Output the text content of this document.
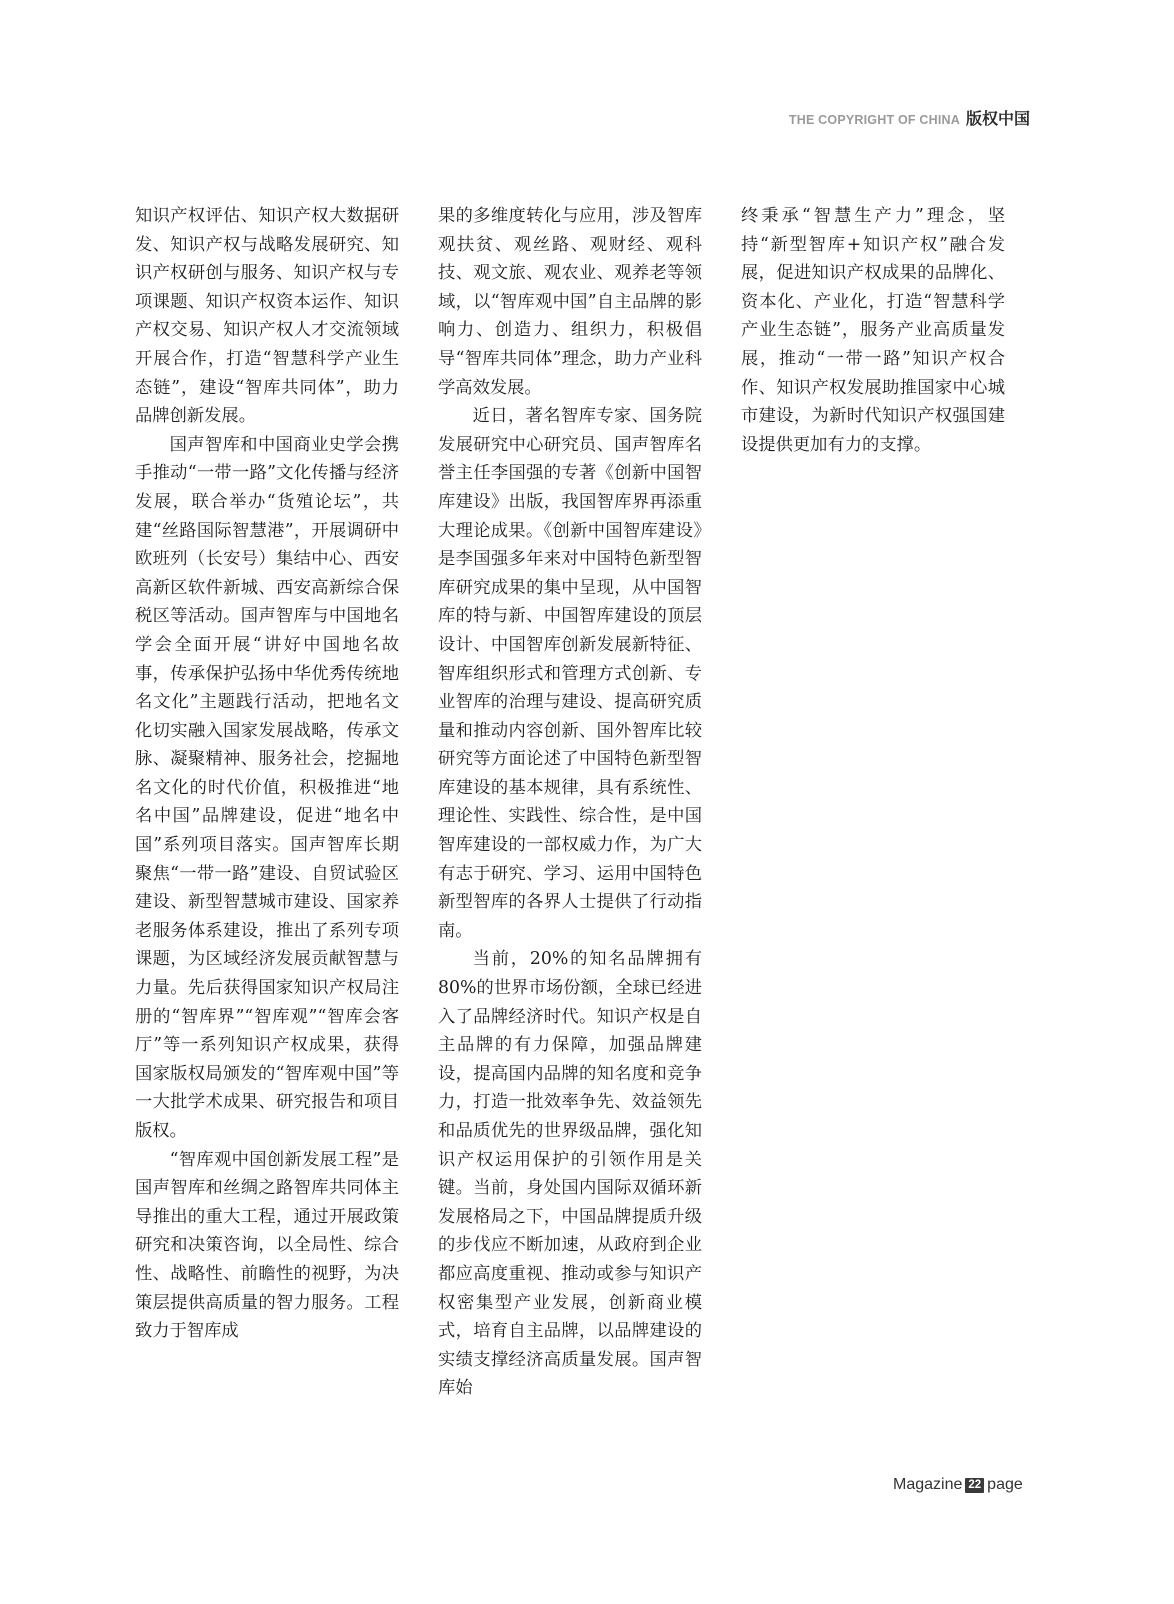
THE COPYRIGHT OF CHINA 版权中国

知识产权评估、知识产权大数据研发、知识产权与战略发展研究、知识产权研创与服务、知识产权与专项课题、知识产权资本运作、知识产权交易、知识产权人才交流领域开展合作，打造“智慧科学产业生态链”，建设“智库共同体”，助力品牌创新发展。

国声智库和中国商业史学会携手推动“一带一路”文化传播与经济发展，联合举办“货殖论坛”，共建“丝路国际智慧港”，开展调研中欧班列（长安号）集结中心、西安高新区软件新城、西安高新综合保税区等活动。国声智库与中国地名学会全面开展“讲好中国地名故事，传承保护弘扬中华优秀传统地名文化”主题践行活动，把地名文化切实融入国家发展战略，传承文脉、凝聚精神、服务社会，挖掘地名文化的时代价值，积极推进“地名中国”品牌建设，促进“地名中国”系列项目落实。国声智库长期聚焦“一带一路”建设、自贸试验区建设、新型智慧城市建设、国家养老服务体系建设，推出了系列专项课题，为区域经济发展贡献智慧与力量。先后获得国家知识产权局注册的“智库界”“智库观”“智库会客厅”等一系列知识产权成果，获得国家版权局颁发的“智库观中国”等一大批学术成果、研究报告和项目版权。

“智库观中国创新发展工程”是国声智库和丝绸之路智库共同体主导推出的重大工程，通过开展政策研究和决策咨询，以全局性、综合性、战略性、前瞻性的视野，为决策层提供高质量的智力服务。工程致力于智库成

果的多维度转化与应用，涉及智库观扶贫、观丝路、观财经、观科技、观文旅、观农业、观养老等领域，以“智库观中国”自主品牌的影响力、创造力、组织力，积极倡导“智库共同体”理念，助力产业科学高效发展。

近日，著名智库专家、国务院发展研究中心研究员、国声智库名誉主任李国强的专著《创新中国智库建设》出版，我国智库界再添重大理论成果。《创新中国智库建设》是李国强多年来对中国特色新型智库研究成果的集中呈现，从中国智库的特与新、中国智库建设的顶层设计、中国智库创新发展新特征、智库组织形式和管理方式创新、专业智库的治理与建设、提高研究质量和推动内容创新、国外智库比较研究等方面论述了中国特色新型智库建设的基本规律，具有系统性、理论性、实践性、综合性，是中国智库建设的一部权威力作，为广大有志于研究、学习、运用中国特色新型智库的各界人士提供了行动指南。

当前，20%的知名品牌拥有80%的世界市场份额，全球已经进入了品牌经济时代。知识产权是自主品牌的有力保障，加强品牌建设，提高国内品牌的知名度和竞争力，打造一批效率争先、效益领先和品质优先的世界级品牌，强化知识产权运用保护的引领作用是关键。当前，身处国内国际双循环新发展格局之下，中国品牌提质升级的步伐应不断加速，从政府到企业都应高度重视、推动或参与知识产权密集型产业发展，创新商业模式，培育自主品牌，以品牌建设的实绩支撑经济高质量发展。国声智库始

终秉承“智慧生产力”理念，坚持“新型智库+知识产权”融合发展，促进知识产权成果的品牌化、资本化、产业化，打造“智慧科学产业生态链”，服务产业高质量发展，推动“一带一路”知识产权合作、知识产权发展助推国家中心城市建设，为新时代知识产权强国建设提供更加有力的支撑。

Magazine 22 page
